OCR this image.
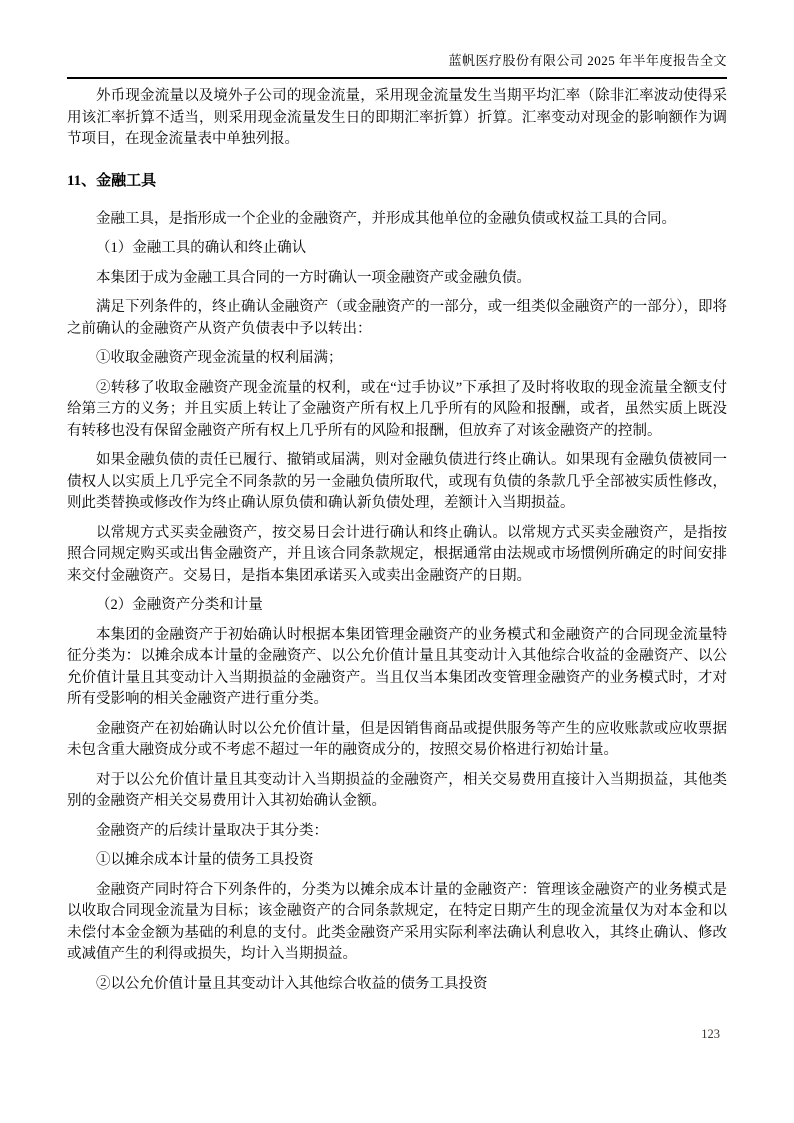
蓝帆医疗股份有限公司 2025 年半年度报告全文

外币现金流量以及境外子公司的现金流量，采用现金流量发生当期平均汇率（除非汇率波动使得采用该汇率折算不适当，则采用现金流量发生日的即期汇率折算）折算。汇率变动对现金的影响额作为调节项目，在现金流量表中单独列报。

11、金融工具

金融工具，是指形成一个企业的金融资产，并形成其他单位的金融负债或权益工具的合同。

（1）金融工具的确认和终止确认

本集团于成为金融工具合同的一方时确认一项金融资产或金融负债。

满足下列条件的，终止确认金融资产（或金融资产的一部分，或一组类似金融资产的一部分），即将之前确认的金融资产从资产负债表中予以转出：

①收取金融资产现金流量的权利届满；

②转移了收取金融资产现金流量的权利，或在“过手协议”下承担了及时将收取的现金流量全额支付给第三方的义务；并且实质上转让了金融资产所有权上几乎所有的风险和报酬，或者，虽然实质上既没有转移也没有保留金融资产所有权上几乎所有的风险和报酬，但放弃了对该金融资产的控制。

如果金融负债的责任已履行、撤销或届满，则对金融负债进行终止确认。如果现有金融负债被同一债权人以实质上几乎完全不同条款的另一金融负债所取代，或现有负债的条款几乎全部被实质性修改，则此类替换或修改作为终止确认原负债和确认新负债处理，差额计入当期损益。

以常规方式买卖金融资产，按交易日会计进行确认和终止确认。以常规方式买卖金融资产，是指按照合同规定购买或出售金融资产，并且该合同条款规定，根据通常由法规或市场惯例所确定的时间安排来交付金融资产。交易日，是指本集团承诺买入或卖出金融资产的日期。

（2）金融资产分类和计量

本集团的金融资产于初始确认时根据本集团管理金融资产的业务模式和金融资产的合同现金流量特征分类为：以摊余成本计量的金融资产、以公允价值计量且其变动计入其他综合收益的金融资产、以公允价值计量且其变动计入当期损益的金融资产。当且仅当本集团改变管理金融资产的业务模式时，才对所有受影响的相关金融资产进行重分类。

金融资产在初始确认时以公允价值计量，但是因销售商品或提供服务等产生的应收账款或应收票据未包含重大融资成分或不考虑不超过一年的融资成分的，按照交易价格进行初始计量。

对于以公允价值计量且其变动计入当期损益的金融资产，相关交易费用直接计入当期损益，其他类别的金融资产相关交易费用计入其初始确认金额。

金融资产的后续计量取决于其分类：

①以摊余成本计量的债务工具投资

金融资产同时符合下列条件的，分类为以摊余成本计量的金融资产：管理该金融资产的业务模式是以收取合同现金流量为目标；该金融资产的合同条款规定，在特定日期产生的现金流量仅为对本金和以未偿付本金金额为基础的利息的支付。此类金融资产采用实际利率法确认利息收入，其终止确认、修改或减值产生的利得或损失，均计入当期损益。

②以公允价值计量且其变动计入其他综合收益的债务工具投资

123
